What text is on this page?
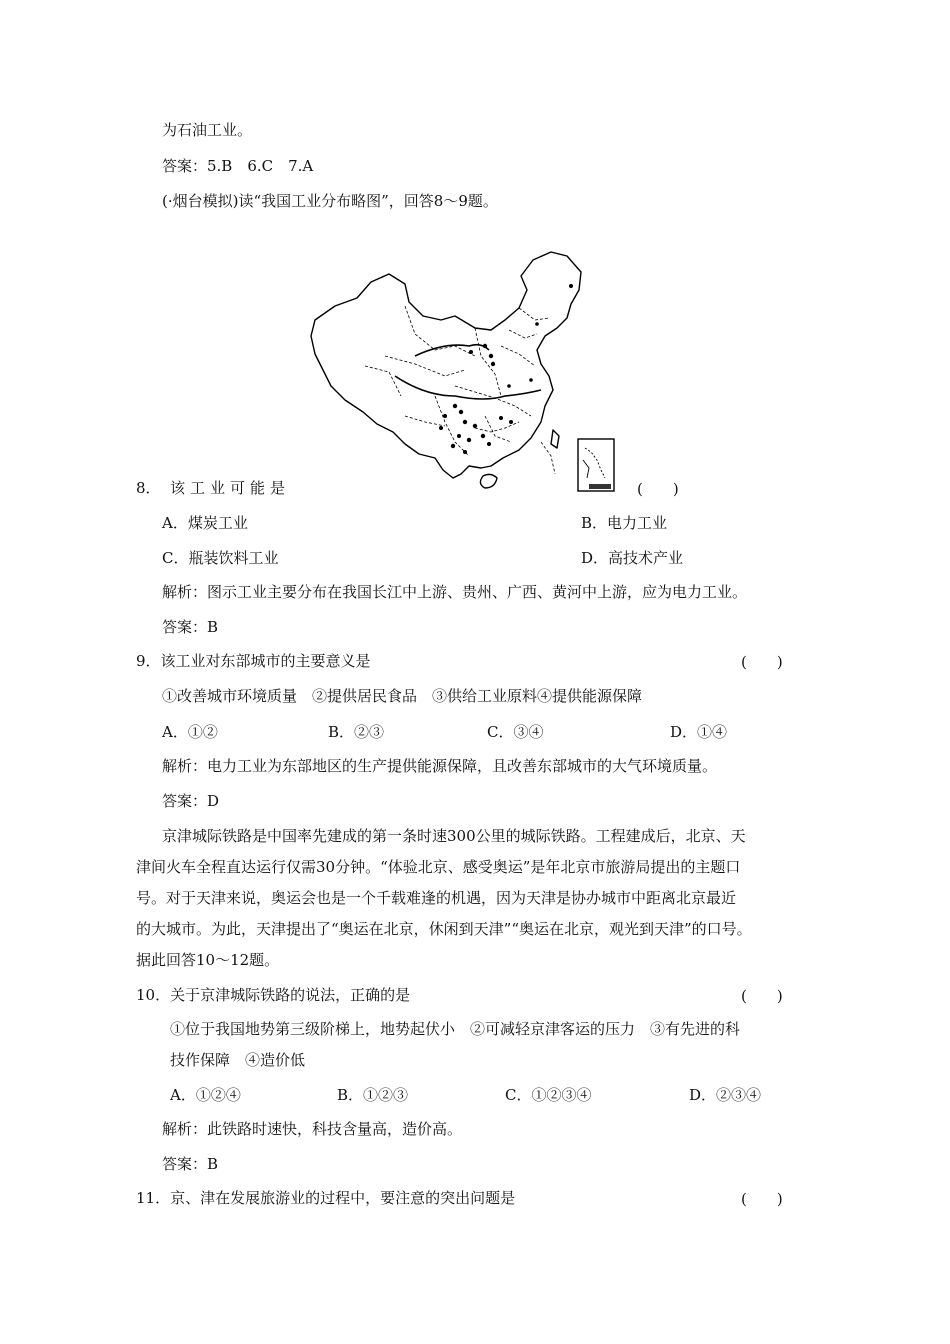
为石油工业。
答案：5.B　6.C　7.A
(·烟台模拟)读“我国工业分布略图”，回答8～9题。
8． 该 工 业 可 能 是	(　　)
A．煤炭工业	B．电力工业
C．瓶装饮料工业	D．高技术产业
解析：图示工业主要分布在我国长江中上游、贵州、广西、黄河中上游，应为电力工业。
答案：B
9．该工业对东部城市的主要意义是	(　　)
①改善城市环境质量　②提供居民食品　③供给工业原料④提供能源保障
A．①②	B．②③	C．③④	D．①④
解析：电力工业为东部地区的生产提供能源保障，且改善东部城市的大气环境质量。
答案：D
京津城际铁路是中国率先建成的第一条时速300公里的城际铁路。工程建成后，北京、天
津间火车全程直达运行仅需30分钟。“体验北京、感受奥运”是年北京市旅游局提出的主题口
号。对于天津来说，奥运会也是一个千载难逢的机遇，因为天津是协办城市中距离北京最近
的大城市。为此，天津提出了“奥运在北京，休闲到天津”“奥运在北京，观光到天津”的口号。
据此回答10～12题。
10．关于京津城际铁路的说法，正确的是	(　　)
①位于我国地势第三级阶梯上，地势起伏小　②可减轻京津客运的压力　③有先进的科
技作保障　④造价低
A．①②④	B．①②③	C．①②③④	D．②③④
解析：此铁路时速快，科技含量高，造价高。
答案：B
11．京、津在发展旅游业的过程中，要注意的突出问题是	(　　)
